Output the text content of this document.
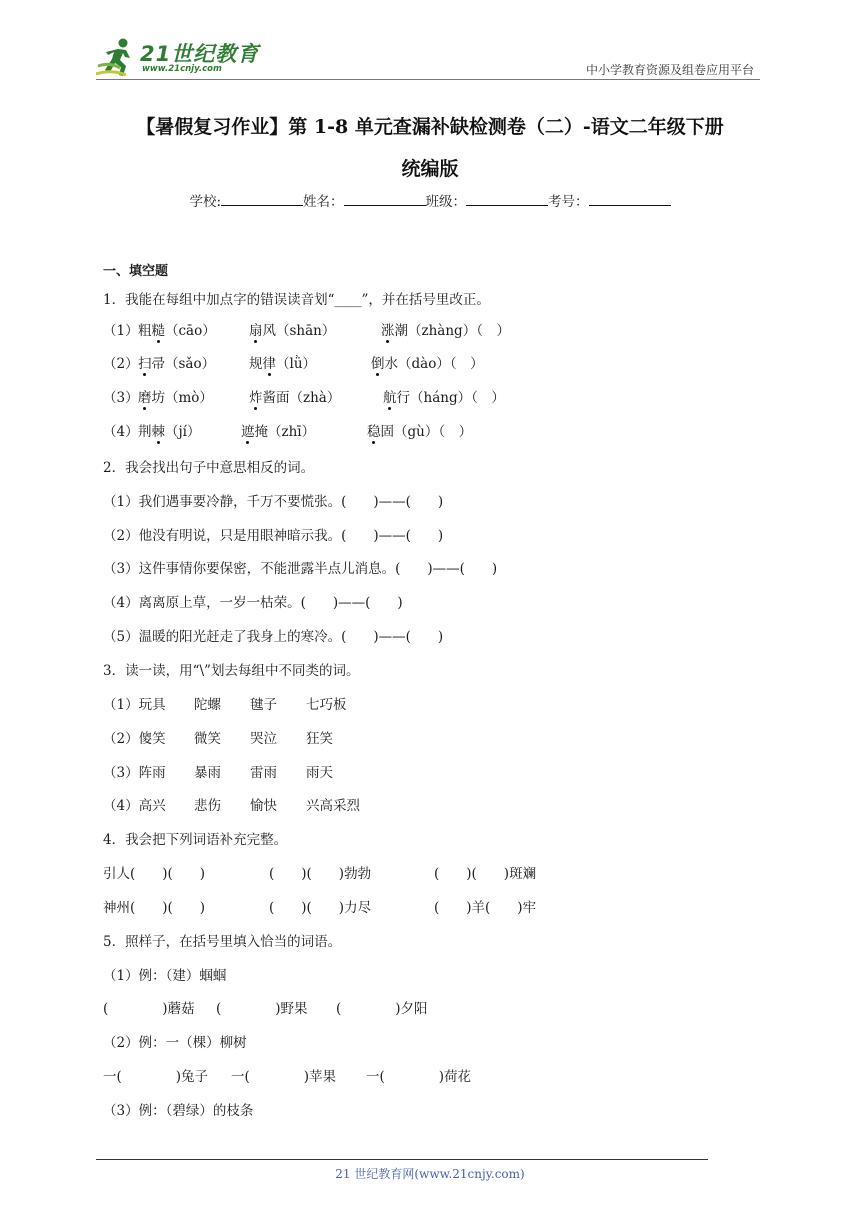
21世纪教育
www.21cnjy.com	中小学教育资源及组卷应用平台
【暑假复习作业】第 1-8 单元查漏补缺检测卷（二）-语文二年级下册
统编版
学校:	姓名：	班级：	考号：
一、填空题
1．我能在每组中加点字的错误读音划“____”，并在括号里改正。
（1） 粗糙（cāo） 扇风（shān）	涨潮（zhàng）（　）
（2） 扫帚（sǎo）	规律（lǜ）	倒水（dào）（　）
（3） 磨坊（mò）	炸酱面（zhà）	航行（háng）（　）
（4） 荆棘（jí）	遮掩（zhī）	稳固（gù）（　）
2．我会找出句子中意思相反的词。
（1）我们遇事要冷静，千万不要慌张。(　　)——(　　)
（2）他没有明说，只是用眼神暗示我。(　　)——(　　)
（3）这件事情你要保密，不能泄露半点儿消息。(　　)——(　　)
（4）离离原上草，一岁一枯荣。(　　)——(　　)
（5）温暖的阳光赶走了我身上的寒冷。(　　)——(　　)
3．读一读，用“\”划去每组中不同类的词。
（1）玩具 陀螺 毽子 七巧板
（2）傻笑 微笑 哭泣 狂笑
（3）阵雨 暴雨 雷雨 雨天
（4）高兴 悲伤 愉快 兴高采烈
4．我会把下列词语补充完整。
引人(　　)(　　)	(　　)(　　)勃勃	(　　)(　　)斑斓
神州(　　)(　　)	(　　)(　　)力尽	(　　)羊(　　)牢
5．照样子，在括号里填入恰当的词语。
（1）例：（建）蝈蝈
(　　　　)蘑菇 (　　　　)野果 (　　　　)夕阳
（2）例：一（棵）柳树
一(　　　　)兔子 一(　　　　)苹果 一(　　　　)荷花
（3）例：（碧绿）的枝条
21 世纪教育网(www.21cnjy.com)
